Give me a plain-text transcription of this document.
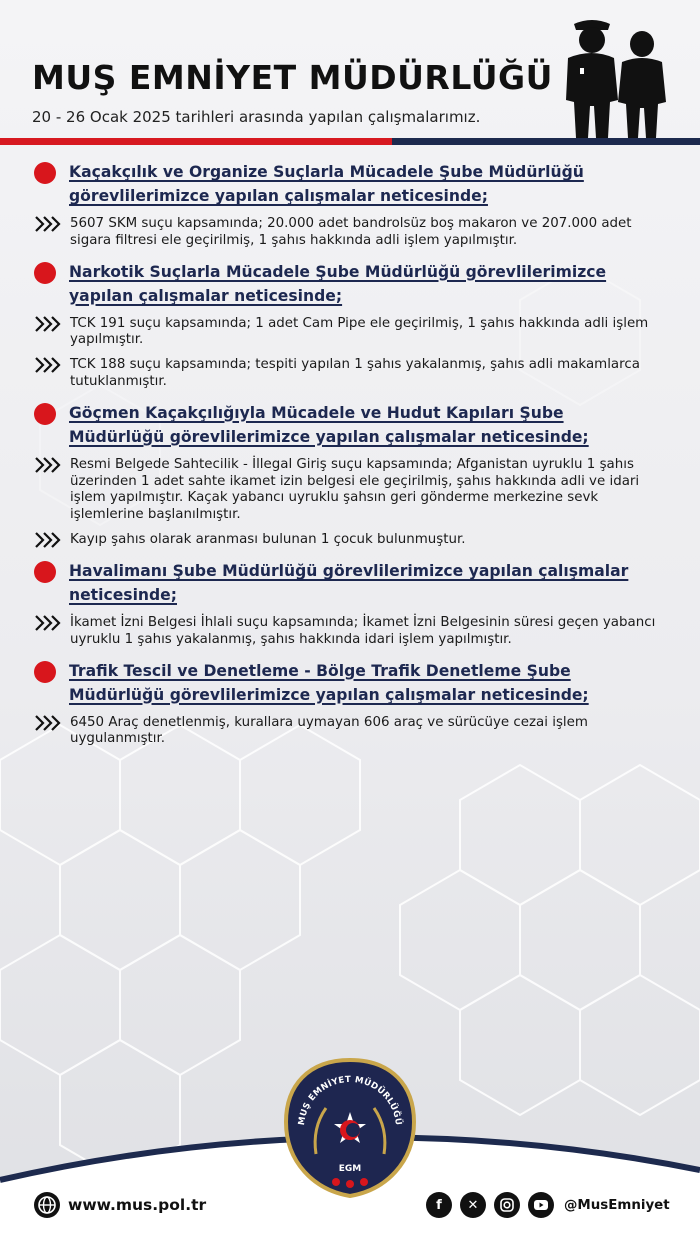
MUŞ EMNİYET MÜDÜRLÜĞÜ
20 - 26 Ocak 2025 tarihleri arasında yapılan çalışmalarımız.
Kaçakçılık ve Organize Suçlarla Mücadele Şube Müdürlüğü görevlilerimizce yapılan çalışmalar neticesinde;
5607 SKM suçu kapsamında; 20.000 adet bandrolsüz boş makaron ve 207.000 adet sigara filtresi ele geçirilmiş, 1 şahıs hakkında adli işlem yapılmıştır.
Narkotik Suçlarla Mücadele Şube Müdürlüğü görevlilerimizce yapılan çalışmalar neticesinde;
TCK 191 suçu kapsamında; 1 adet Cam Pipe ele geçirilmiş, 1 şahıs hakkında adli işlem yapılmıştır.
TCK 188 suçu kapsamında; tespiti yapılan 1 şahıs yakalanmış, şahıs adli makamlarca tutuklanmıştır.
Göçmen Kaçakçılığıyla Mücadele ve Hudut Kapıları Şube Müdürlüğü görevlilerimizce yapılan çalışmalar neticesinde;
Resmi Belgede Sahtecilik - İllegal Giriş suçu kapsamında; Afganistan uyruklu 1 şahıs üzerinden 1 adet sahte ikamet izin belgesi ele geçirilmiş, şahıs hakkında adli ve idari işlem yapılmıştır. Kaçak yabancı uyruklu şahsın geri gönderme merkezine sevk işlemlerine başlanılmıştır.
Kayıp şahıs olarak aranması bulunan 1 çocuk bulunmuştur.
Havalimanı Şube Müdürlüğü görevlilerimizce yapılan çalışmalar neticesinde;
İkamet İzni Belgesi İhlali suçu kapsamında; İkamet İzni Belgesinin süresi geçen yabancı uyruklu 1 şahıs yakalanmış, şahıs hakkında idari işlem yapılmıştır.
Trafik Tescil ve Denetleme - Bölge Trafik Denetleme Şube Müdürlüğü görevlilerimizce yapılan çalışmalar neticesinde;
6450 Araç denetlenmiş, kurallara uymayan 606 araç ve sürücüye cezai işlem uygulanmıştır.
MUŞ EMNİYET MÜDÜRLÜĞÜ
EGM
www.mus.pol.tr	f	✕	@MusEmniyet
